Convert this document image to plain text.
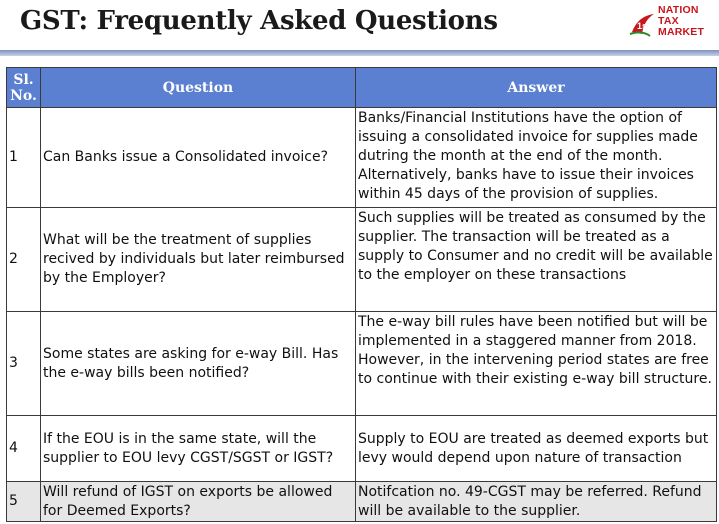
GST: Frequently Asked Questions	1st
NATION
TAX
MARKET
Sl. No.	Question	Answer
1	Can Banks issue a Consolidated invoice?	Banks/Financial Institutions have the option of issuing a consolidated invoice for supplies made dutring the month at the end of the month. Alternatively, banks have to issue their invoices within 45 days of the provision of supplies.
2	What will be the treatment of supplies recived by individuals but later reimbursed by the Employer?	Such supplies will be treated as consumed by the supplier. The transaction will be treated as a supply to Consumer and no credit will be available to the employer on these transactions
3	Some states are asking for e-way Bill. Has the e-way bills been notified?	The e-way bill rules have been notified but will be implemented in a staggered manner from 2018. However, in the intervening period states are free to continue with their existing e-way bill structure.
4	If the EOU is in the same state, will the supplier to EOU levy CGST/SGST or IGST?	Supply to EOU are treated as deemed exports but levy would depend upon nature of transaction
5	Will refund of IGST on exports be allowed for Deemed Exports?	Notifcation no. 49-CGST may be referred. Refund will be available to the supplier.
